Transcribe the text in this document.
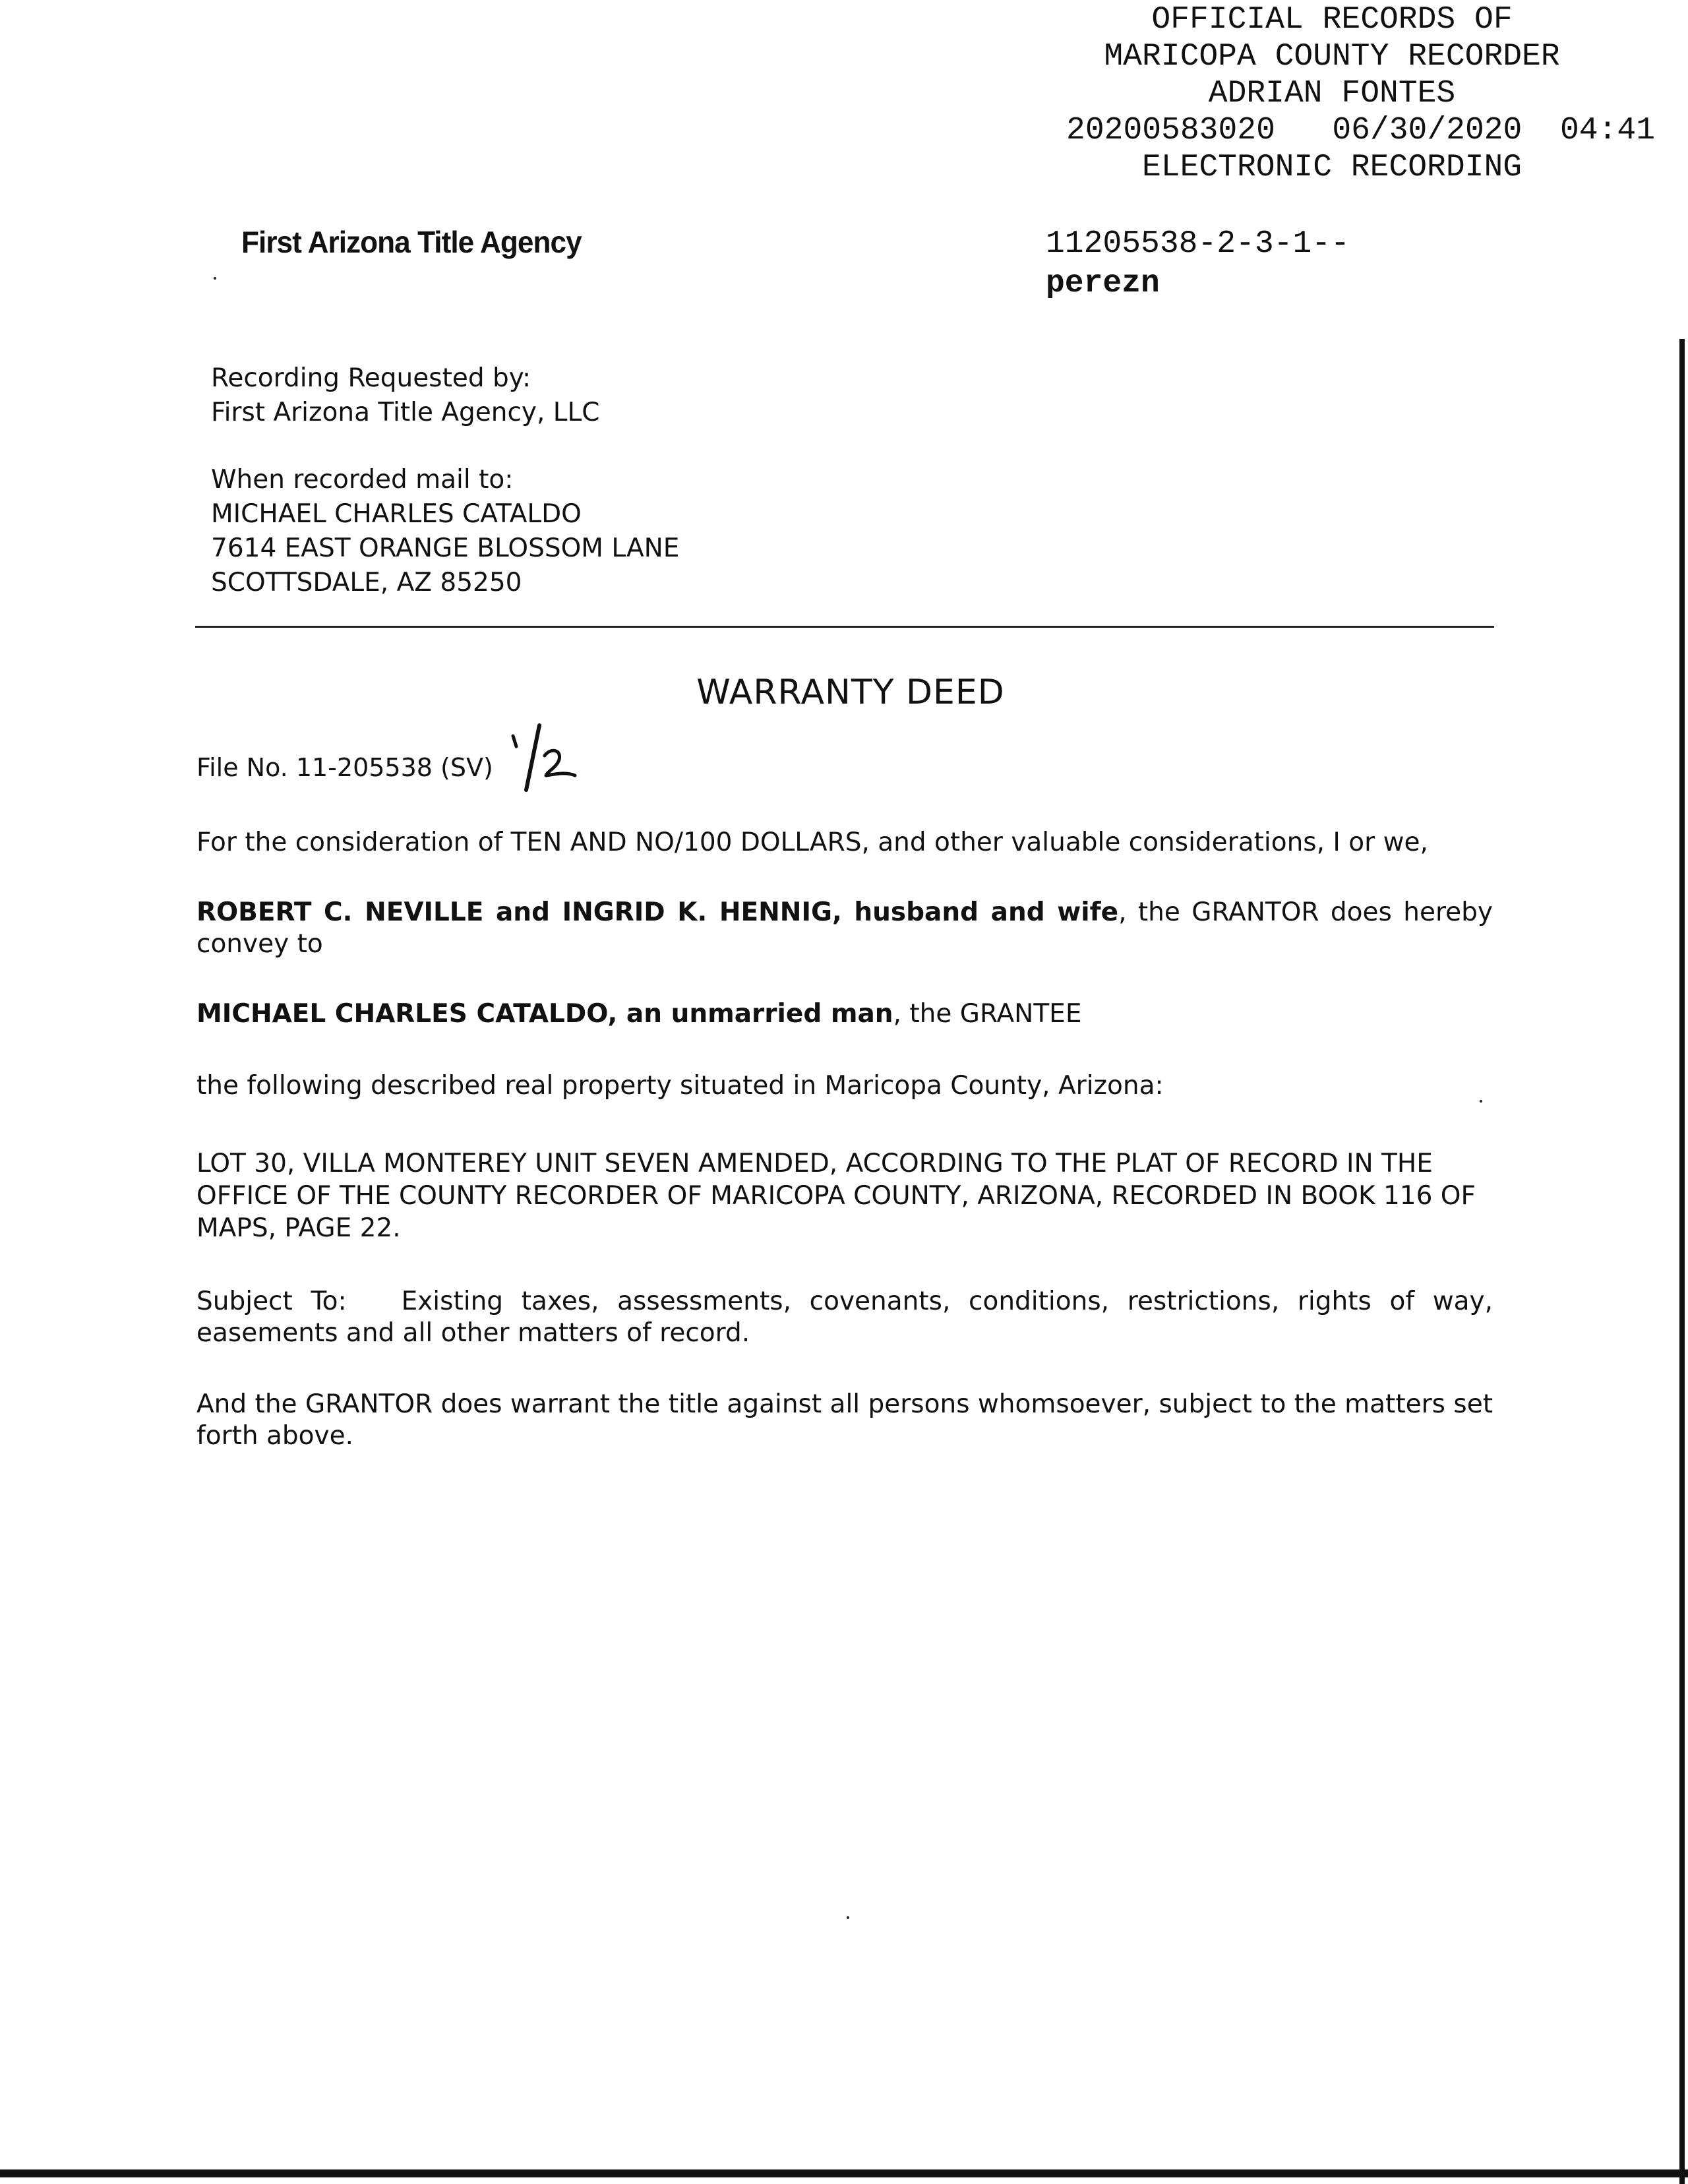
OFFICIAL RECORDS OF
MARICOPA COUNTY RECORDER
ADRIAN FONTES
20200583020 06/30/2020 04:41
ELECTRONIC RECORDING
First Arizona Title Agency	11205538-2-3-1--
perezn
Recording Requested by:
First Arizona Title Agency, LLC
When recorded mail to:
MICHAEL CHARLES CATALDO
7614 EAST ORANGE BLOSSOM LANE
SCOTTSDALE, AZ 85250
WARRANTY DEED
File No. 11-205538 (SV)
For the consideration of TEN AND NO/100 DOLLARS, and other valuable considerations, I or we,
ROBERT C. NEVILLE and INGRID K. HENNIG, husband and wife, the GRANTOR does hereby convey to
MICHAEL CHARLES CATALDO, an unmarried man, the GRANTEE
the following described real property situated in Maricopa County, Arizona:
LOT 30, VILLA MONTEREY UNIT SEVEN AMENDED, ACCORDING TO THE PLAT OF RECORD IN THE
OFFICE OF THE COUNTY RECORDER OF MARICOPA COUNTY, ARIZONA, RECORDED IN BOOK 116 OF
MAPS, PAGE 22.
Subject To:   Existing taxes, assessments, covenants, conditions, restrictions, rights of way, easements and all other matters of record.
And the GRANTOR does warrant the title against all persons whomsoever, subject to the matters set forth above.
